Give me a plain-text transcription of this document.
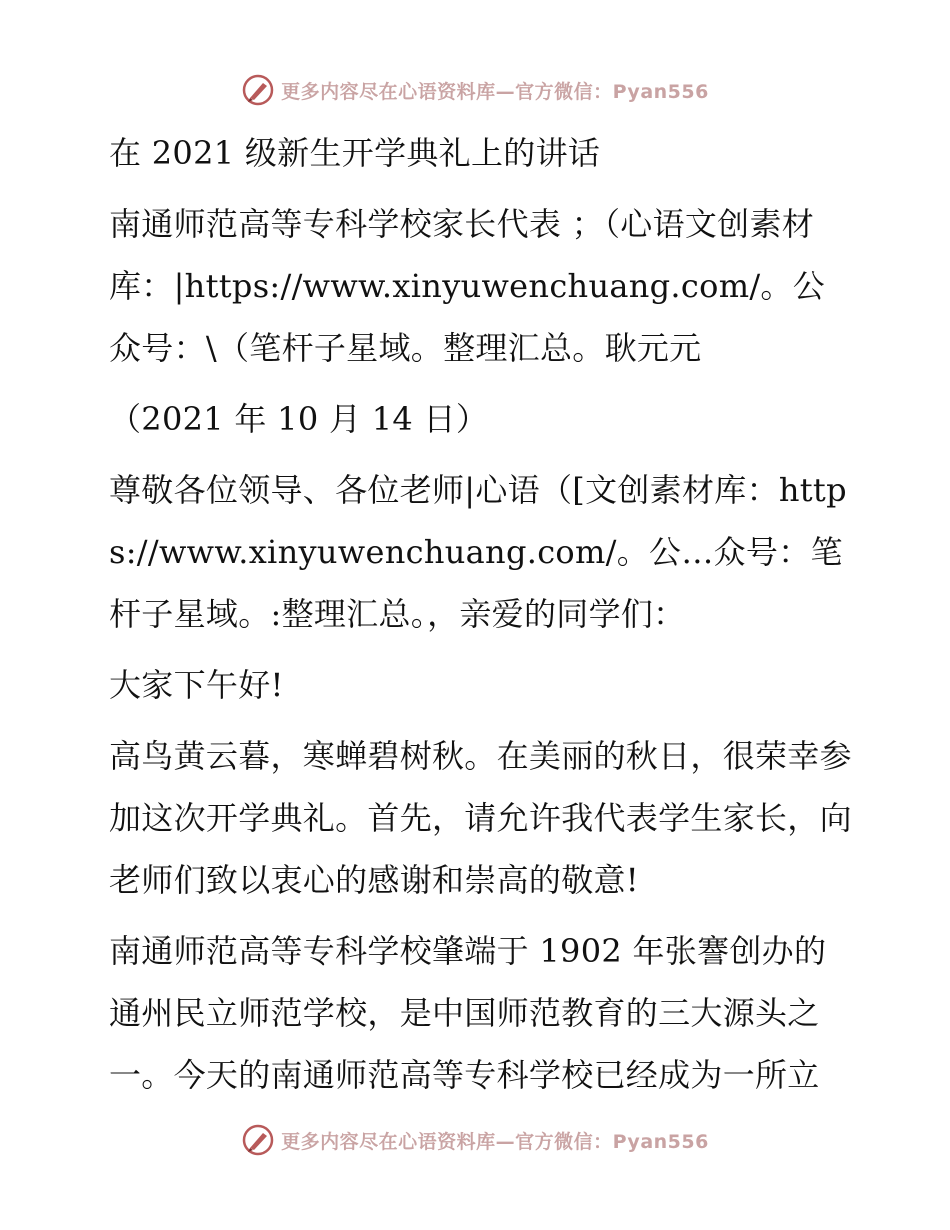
更多内容尽在心语资料库—官方微信：Pyan556

在 2021 级新生开学典礼上的讲话

南通师范高等专科学校家长代表 ；（心语文创素材库：|https://www.xinyuwenchuang.com/。公众号：\（笔杆子星域。整理汇总。耿元元

（2021 年 10 月 14 日）

尊敬各位领导、各位老师|心语（[文创素材库：https://www.xinyuwenchuang.com/。公…众号：笔杆子星域。:整理汇总。，亲爱的同学们：

大家下午好!

高鸟黄云暮，寒蝉碧树秋。在美丽的秋日，很荣幸参加这次开学典礼。首先，请允许我代表学生家长，向老师们致以衷心的感谢和崇高的敬意!

南通师范高等专科学校肇端于 1902 年张謇创办的通州民立师范学校，是中国师范教育的三大源头之一。今天的南通师范高等专科学校已经成为一所立

更多内容尽在心语资料库—官方微信：Pyan556
